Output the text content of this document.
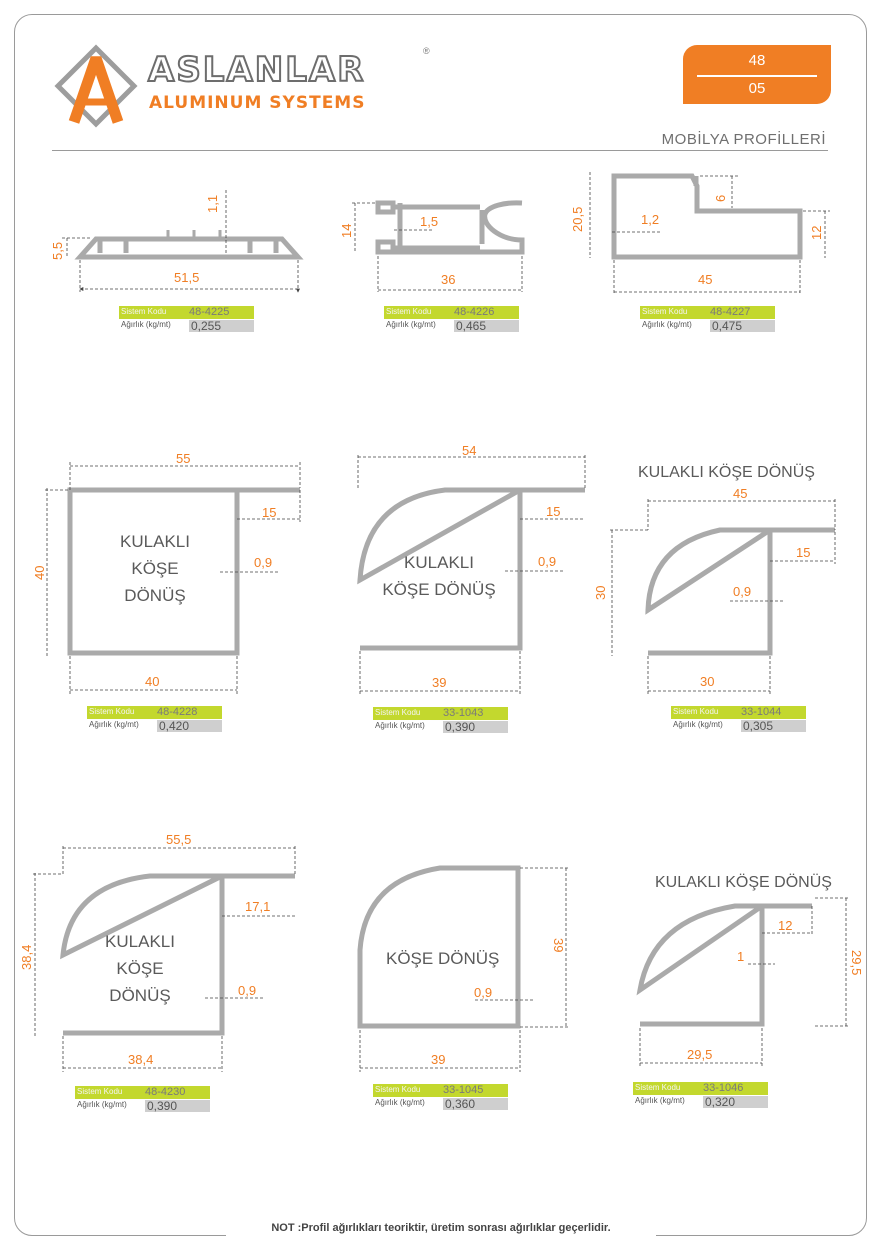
ASLANLAR	®
ALUMINUM SYSTEMS
48
05
MOBİLYA PROFİLLERİ
51,5
1,1
5,5
36
14
1,5
45
20,5	1,2
6
12
55
15
40
0,9
40
KULAKLI
KÖŞE
DÖNÜŞ
54
15
0,9
39
KULAKLI
KÖŞE DÖNÜŞ
KULAKLI KÖŞE DÖNÜŞ
45
15
30	0,9
30
55,5
17,1
38,4
0,9
38,4
KULAKLI
KÖŞE
DÖNÜŞ
KÖŞE DÖNÜŞ
39
0,9
39
KULAKLI KÖŞE DÖNÜŞ
12
1	29,5
29,5
Sistem Kodu 48-4225
Ağırlık (kg/mt) 0,255
Sistem Kodu 48-4226
Ağırlık (kg/mt) 0,465
Sistem Kodu 48-4227
Ağırlık (kg/mt) 0,475
Sistem Kodu 48-4228
Ağırlık (kg/mt) 0,420
Sistem Kodu 33-1043
Ağırlık (kg/mt) 0,390
Sistem Kodu 33-1044
Ağırlık (kg/mt) 0,305
Sistem Kodu 48-4230
Ağırlık (kg/mt) 0,390
Sistem Kodu 33-1045
Ağırlık (kg/mt) 0,360
Sistem Kodu 33-1046
Ağırlık (kg/mt) 0,320
NOT :Profil ağırlıkları teoriktir, üretim sonrası ağırlıklar geçerlidir.
